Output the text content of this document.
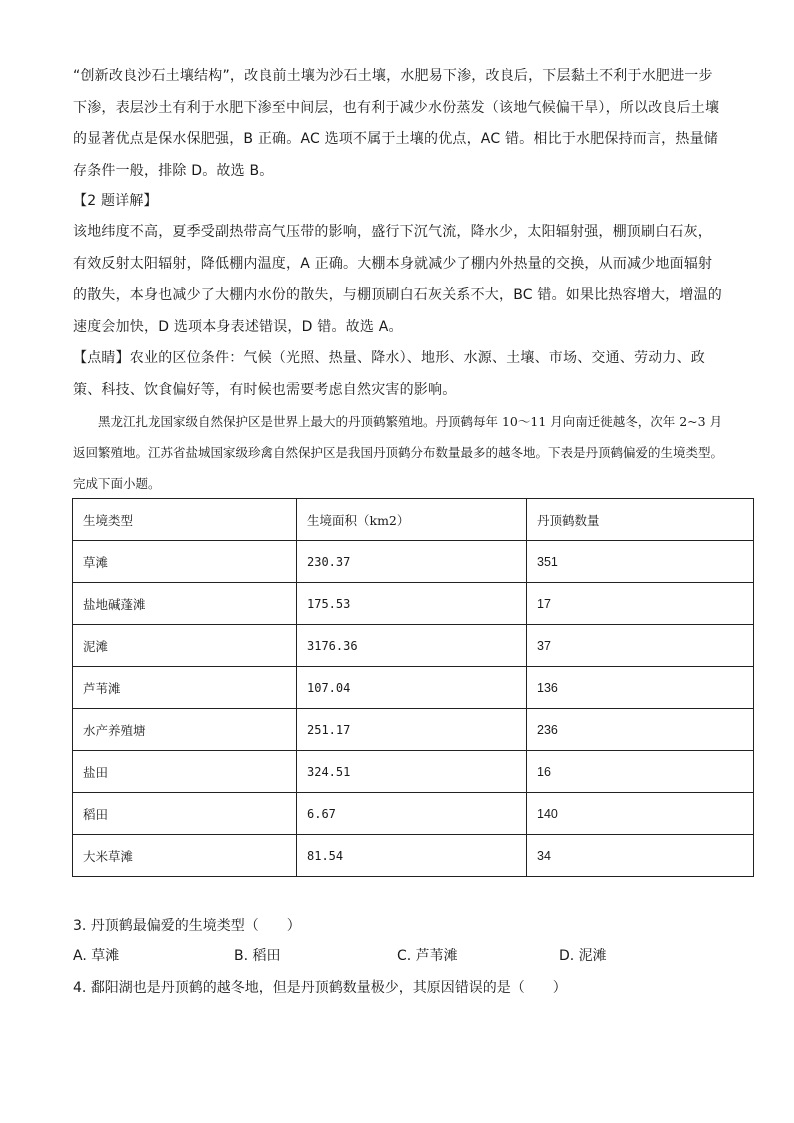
“创新改良沙石土壤结构”，改良前土壤为沙石土壤，水肥易下渗，改良后，下层黏土不利于水肥进一步下渗，表层沙土有利于水肥下渗至中间层，也有利于减少水份蒸发（该地气候偏干旱），所以改良后土壤的显著优点是保水保肥强，B 正确。AC 选项不属于土壤的优点，AC 错。相比于水肥保持而言，热量储存条件一般，排除 D。故选 B。

【2 题详解】

该地纬度不高，夏季受副热带高气压带的影响，盛行下沉气流，降水少，太阳辐射强，棚顶刷白石灰，有效反射太阳辐射，降低棚内温度，A 正确。大棚本身就减少了棚内外热量的交换，从而减少地面辐射的散失，本身也减少了大棚内水份的散失，与棚顶刷白石灰关系不大，BC 错。如果比热容增大，增温的速度会加快，D 选项本身表述错误，D 错。故选 A。

【点睛】农业的区位条件：气候（光照、热量、降水）、地形、水源、土壤、市场、交通、劳动力、政策、科技、饮食偏好等，有时候也需要考虑自然灾害的影响。

黑龙江扎龙国家级自然保护区是世界上最大的丹顶鹤繁殖地。丹顶鹤每年 10～11 月向南迁徙越冬，次年 2~3 月返回繁殖地。江苏省盐城国家级珍禽自然保护区是我国丹顶鹤分布数量最多的越冬地。下表是丹顶鹤偏爱的生境类型。完成下面小题。

生境类型	生境面积（km2）	丹顶鹤数量
草滩	230.37	351
盐地碱蓬滩	175.53	17
泥滩	3176.36	37
芦苇滩	107.04	136
水产养殖塘	251.17	236
盐田	324.51	16
稻田	6.67	140
大米草滩	81.54	34

3. 丹顶鹤最偏爱的生境类型（　　）

A. 草滩	B. 稻田	C. 芦苇滩	D. 泥滩

4. 鄱阳湖也是丹顶鹤的越冬地，但是丹顶鹤数量极少，其原因错误的是（　　）
